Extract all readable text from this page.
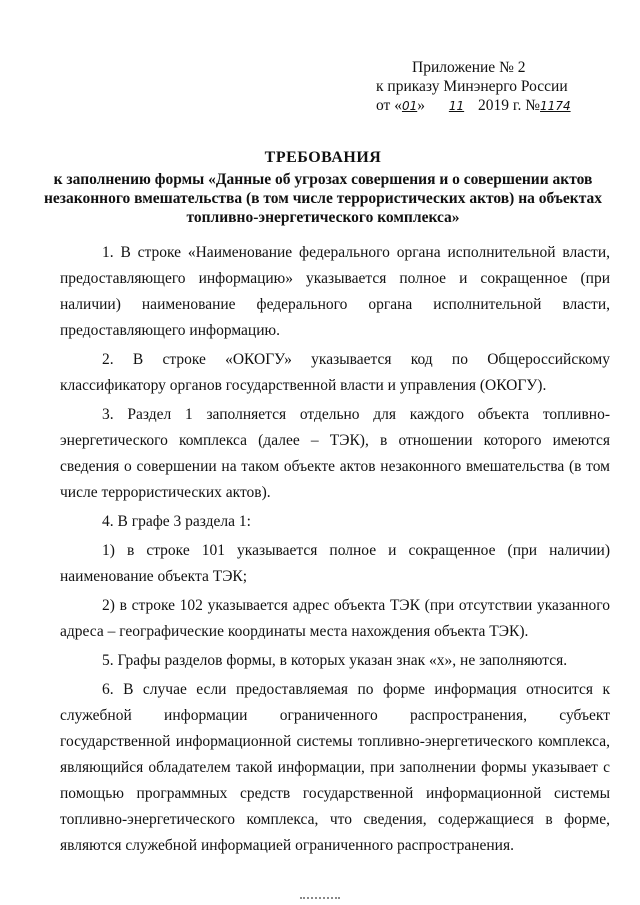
Приложение № 2
к приказу Минэнерго России
от «01» 11 2019 г. №1174
ТРЕБОВАНИЯ
к заполнению формы «Данные об угрозах совершения и о совершении актов
незаконного вмешательства (в том числе террористических актов) на объектах
топливно-энергетического комплекса»

1. В строке «Наименование федерального органа исполнительной власти, предоставляющего информацию» указывается полное и сокращенное (при наличии) наименование федерального органа исполнительной власти, предоставляющего информацию.

2. В строке «ОКОГУ» указывается код по Общероссийскому классификатору органов государственной власти и управления (ОКОГУ).

3. Раздел 1 заполняется отдельно для каждого объекта топливно-энергетического комплекса (далее – ТЭК), в отношении которого имеются сведения о совершении на таком объекте актов незаконного вмешательства (в том числе террористических актов).

4. В графе 3 раздела 1:

1) в строке 101 указывается полное и сокращенное (при наличии) наименование объекта ТЭК;

2) в строке 102 указывается адрес объекта ТЭК (при отсутствии указанного адреса – географические координаты места нахождения объекта ТЭК).

5. Графы разделов формы, в которых указан знак «х», не заполняются.

6. В случае если предоставляемая по форме информация относится к служебной информации ограниченного распространения, субъект государственной информационной системы топливно-энергетического комплекса, являющийся обладателем такой информации, при заполнении формы указывает с помощью программных средств государственной информационной системы топливно-энергетического комплекса, что сведения, содержащиеся в форме, являются служебной информацией ограниченного распространения.
